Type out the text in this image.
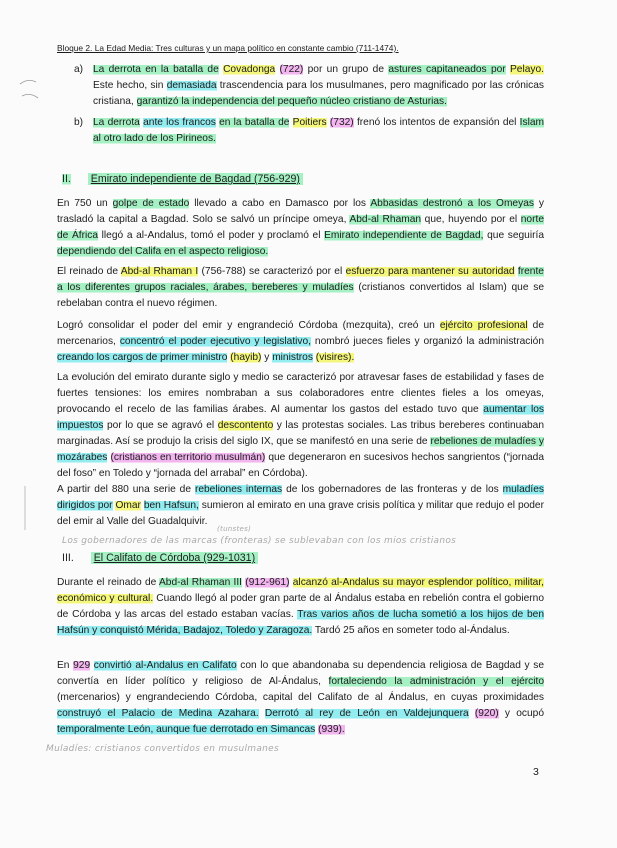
Bloque 2. La Edad Media: Tres culturas y un mapa político en constante cambio (711-1474).
a) La derrota en la batalla de Covadonga (722) por un grupo de astures capitaneados por Pelayo. Este hecho, sin demasiada trascendencia para los musulmanes, pero magnificado por las crónicas cristiana, garantizó la independencia del pequeño núcleo cristiano de Asturias.
b) La derrota ante los francos en la batalla de Poitiers (732) frenó los intentos de expansión del Islam al otro lado de los Pirineos.
II. Emirato independiente de Bagdad (756-929)

En 750 un golpe de estado llevado a cabo en Damasco por los Abbasidas destronó a los Omeyas y trasladó la capital a Bagdad. Solo se salvó un príncipe omeya, Abd-al Rhaman que, huyendo por el norte de África llegó a al-Andalus, tomó el poder y proclamó el Emirato independiente de Bagdad, que seguiría dependiendo del Califa en el aspecto religioso.

El reinado de Abd-al Rhaman I (756-788) se caracterizó por el esfuerzo para mantener su autoridad frente a los diferentes grupos raciales, árabes, bereberes y muladíes (cristianos convertidos al Islam) que se rebelaban contra el nuevo régimen.

Logró consolidar el poder del emir y engrandeció Córdoba (mezquita), creó un ejército profesional de mercenarios, concentró el poder ejecutivo y legislativo, nombró jueces fieles y organizó la administración creando los cargos de primer ministro (hayib) y ministros (visires).

La evolución del emirato durante siglo y medio se caracterizó por atravesar fases de estabilidad y fases de fuertes tensiones: los emires nombraban a sus colaboradores entre clientes fieles a los omeyas, provocando el recelo de las familias árabes. Al aumentar los gastos del estado tuvo que aumentar los impuestos por lo que se agravó el descontento y las protestas sociales. Las tribus bereberes continuaban marginadas. Así se produjo la crisis del siglo IX, que se manifestó en una serie de rebeliones de muladíes y mozárabes (cristianos en territorio musulmán) que degeneraron en sucesivos hechos sangrientos (“jornada del foso” en Toledo y “jornada del arrabal” en Córdoba).

A partir del 880 una serie de rebeliones internas de los gobernadores de las fronteras y de los muladíes dirigidos por Omar ben Hafsun, sumieron al emirato en una grave crisis política y militar que redujo el poder del emir al Valle del Guadalquivir.

(tunstes)
Los gobernadores de las marcas (fronteras) se sublevaban con los mios cristianos
III. El Califato de Córdoba (929-1031)

Durante el reinado de Abd-al Rhaman III (912-961) alcanzó al-Andalus su mayor esplendor político, militar, económico y cultural. Cuando llegó al poder gran parte de al Ándalus estaba en rebelión contra el gobierno de Córdoba y las arcas del estado estaban vacías. Tras varios años de lucha sometió a los hijos de ben Hafsún y conquistó Mérida, Badajoz, Toledo y Zaragoza. Tardó 25 años en someter todo al-Ándalus.

En 929 convirtió al-Andalus en Califato con lo que abandonaba su dependencia religiosa de Bagdad y se convertía en líder político y religioso de Al-Ándalus, fortaleciendo la administración y el ejército (mercenarios) y engrandeciendo Córdoba, capital del Califato de al Ándalus, en cuyas proximidades construyó el Palacio de Medina Azahara. Derrotó al rey de León en Valdejunquera (920) y ocupó temporalmente León, aunque fue derrotado en Simancas (939).

Muladíes: cristianos convertidos en musulmanes
3
